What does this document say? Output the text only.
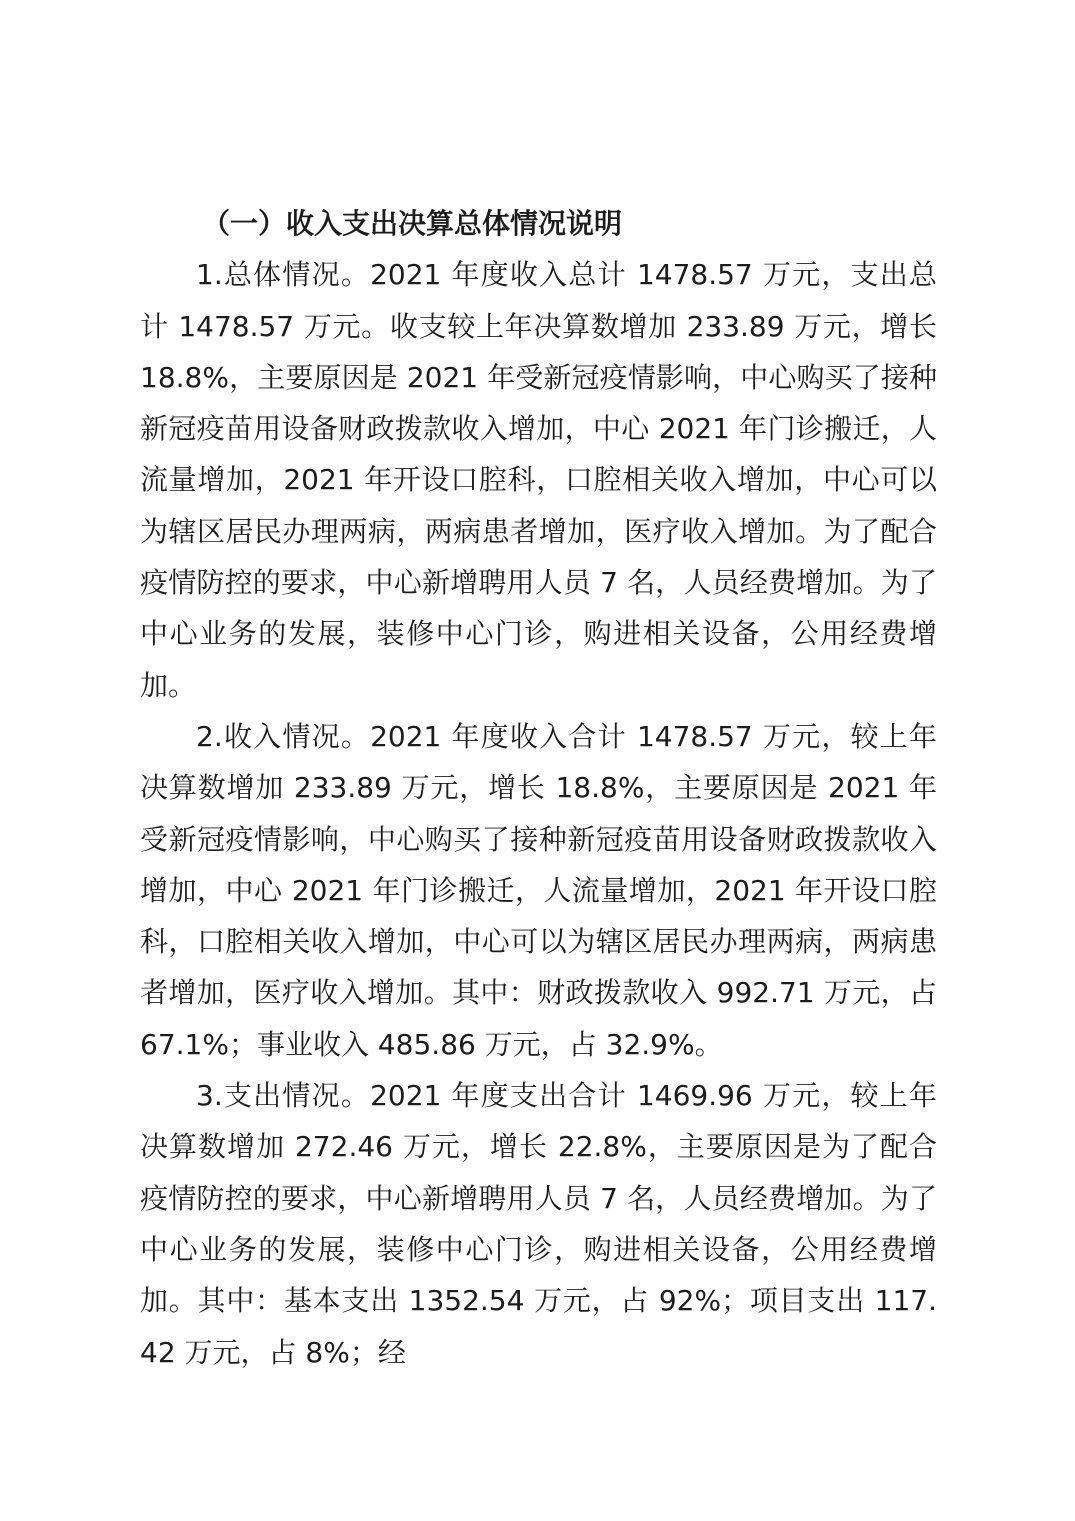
（一）收入支出决算总体情况说明

1.总体情况。2021 年度收入总计 1478.57 万元，支出总计 1478.57 万元。收支较上年决算数增加 233.89 万元，增长 18.8%，主要原因是 2021 年受新冠疫情影响，中心购买了接种新冠疫苗用设备财政拨款收入增加，中心 2021 年门诊搬迁，人流量增加，2021 年开设口腔科，口腔相关收入增加，中心可以为辖区居民办理两病，两病患者增加，医疗收入增加。为了配合疫情防控的要求，中心新增聘用人员 7 名，人员经费增加。为了中心业务的发展，装修中心门诊，购进相关设备，公用经费增加。

2.收入情况。2021 年度收入合计 1478.57 万元，较上年决算数增加 233.89 万元，增长 18.8%，主要原因是 2021 年受新冠疫情影响，中心购买了接种新冠疫苗用设备财政拨款收入增加，中心 2021 年门诊搬迁，人流量增加，2021 年开设口腔科，口腔相关收入增加，中心可以为辖区居民办理两病，两病患者增加，医疗收入增加。其中：财政拨款收入 992.71 万元，占 67.1%；事业收入 485.86 万元，占 32.9%。

3.支出情况。2021 年度支出合计 1469.96 万元，较上年决算数增加 272.46 万元，增长 22.8%，主要原因是为了配合疫情防控的要求，中心新增聘用人员 7 名，人员经费增加。为了中心业务的发展，装修中心门诊，购进相关设备，公用经费增加。其中：基本支出 1352.54 万元，占 92%；项目支出 117.42 万元，占 8%；经
